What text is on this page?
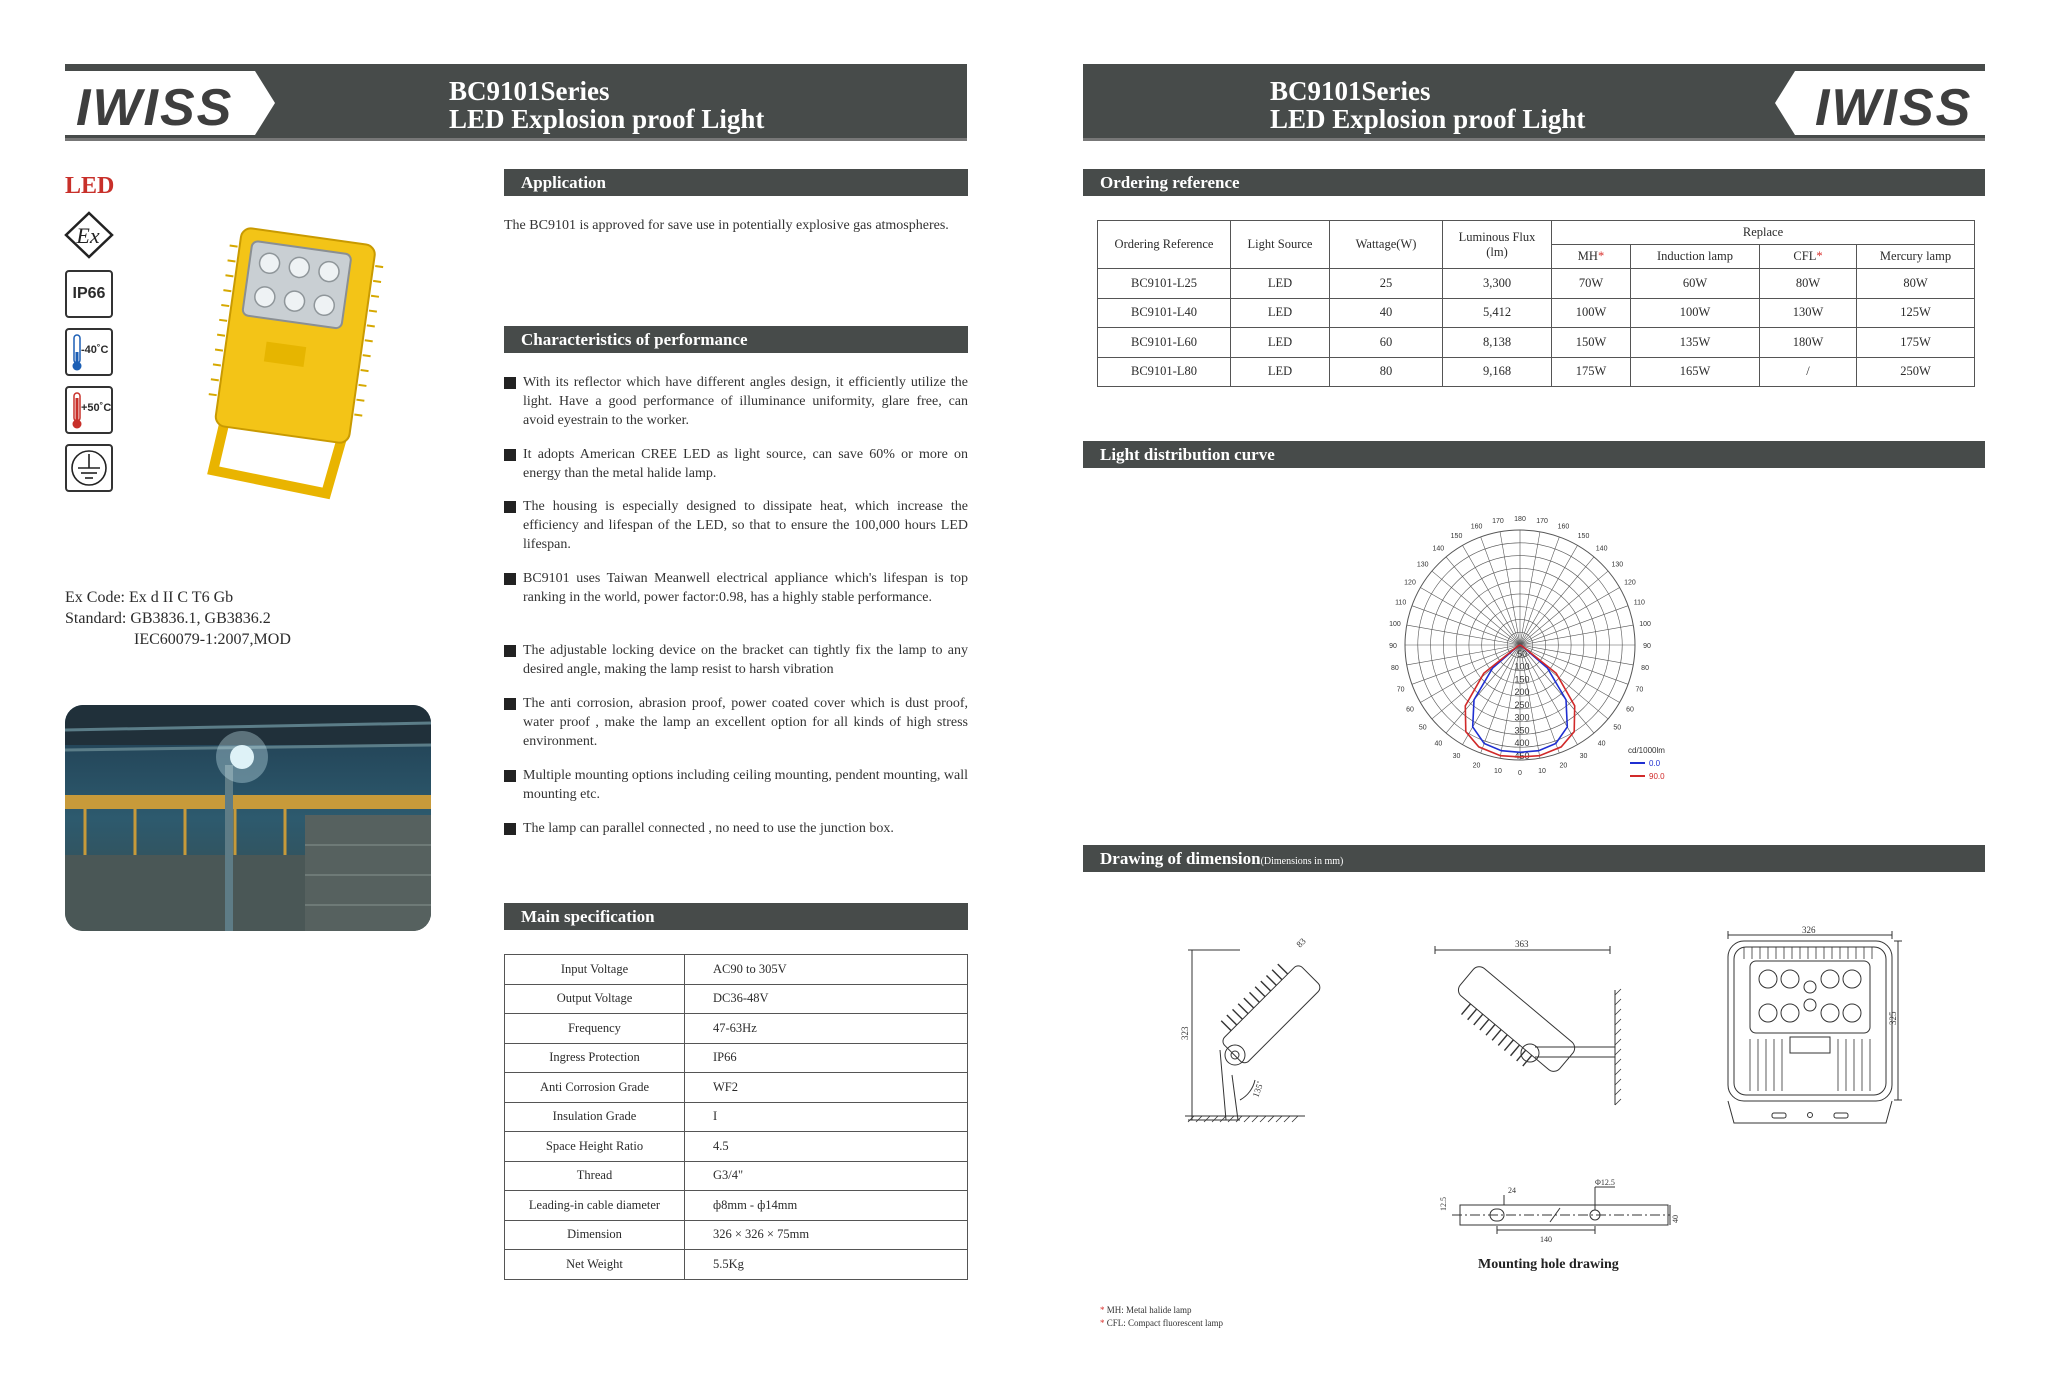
IWISS	BC9101Series
LED Explosion proof Light	IWISS
BC9101Series
LED Explosion proof Light
LED
Ex
IP66
-40˚C
+50˚C
Ex Code: Ex d II C T6 Gb
Standard: GB3836.1, GB3836.2
IEC60079-1:2007,MOD
Application
The BC9101 is approved for save use in potentially explosive gas atmospheres.
Characteristics of performance
With its reflector which have different angles design, it efficiently utilize the light. Have a good performance of illuminance uniformity, glare free, can avoid eyestrain to the worker.
It adopts American CREE LED as light source, can save 60% or more on energy than the metal halide lamp.
The housing is especially designed to dissipate heat, which increase the efficiency and lifespan of the LED, so that to ensure the 100,000 hours LED lifespan.
BC9101 uses Taiwan Meanwell electrical appliance which's lifespan is top ranking in the world, power factor:0.98, has a highly stable performance.
The adjustable locking device on the bracket can tightly fix the lamp to any desired angle, making the lamp resist to harsh vibration
The anti corrosion, abrasion proof, power coated cover which is dust proof, water proof , make the lamp an excellent option for all kinds of high stress environment.
Multiple mounting options including ceiling mounting, pendent mounting, wall mounting etc.
The lamp can parallel connected , no need to use the junction box.
Main specification
Input Voltage	AC90 to 305V
Output Voltage	DC36-48V
Frequency	47-63Hz
Ingress Protection	IP66
Anti Corrosion Grade	WF2
Insulation Grade	I
Space Height Ratio	4.5
Thread	G3/4"
Leading-in cable diameter	ф8mm - ф14mm
Dimension	326 × 326 × 75mm
Net Weight	5.5Kg
Ordering reference
Ordering Reference	Light Source	Wattage(W)	Luminous Flux
(lm)	Replace			
				MH*	Induction lamp	CFL*	Mercury lamp
BC9101-L25	LED	25	3,300	70W	60W	80W	80W
BC9101-L40	LED	40	5,412	100W	100W	130W	125W
BC9101-L60	LED	60	8,138	150W	135W	180W	175W
BC9101-L80	LED	80	9,168	175W	165W	/	250W
Light distribution curve
180 170
160
150
140
130
120
110
100
90
80
70
60
50
40
30
20
10
0
170
160
150
140
130
120
110
100
90
80
70
60
50
40
30
20
10
50
100
150
200
250
300
350
400
450
cd/1000lm
0.0
90.0
Drawing of dimension(Dimensions in mm)
323
83
135˚
363
326
325
12.5
24
Φ12.5
140
40
Mounting hole drawing
* MH: Metal halide lamp
* CFL: Compact fluorescent lamp
